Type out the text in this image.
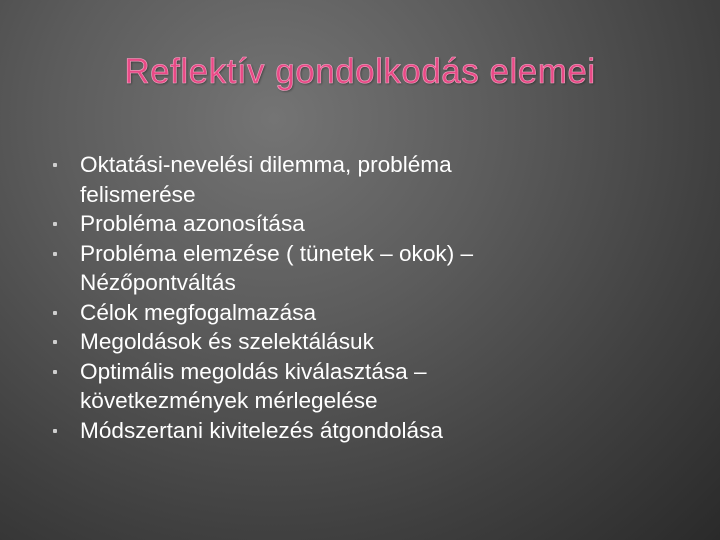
Reflektív gondolkodás elemei
Oktatási-nevelési dilemma, probléma
felismerése
Probléma azonosítása
Probléma elemzése ( tünetek – okok) –
Nézőpontváltás
Célok megfogalmazása
Megoldások és szelektálásuk
Optimális megoldás kiválasztása –
következmények mérlegelése
Módszertani kivitelezés átgondolása
